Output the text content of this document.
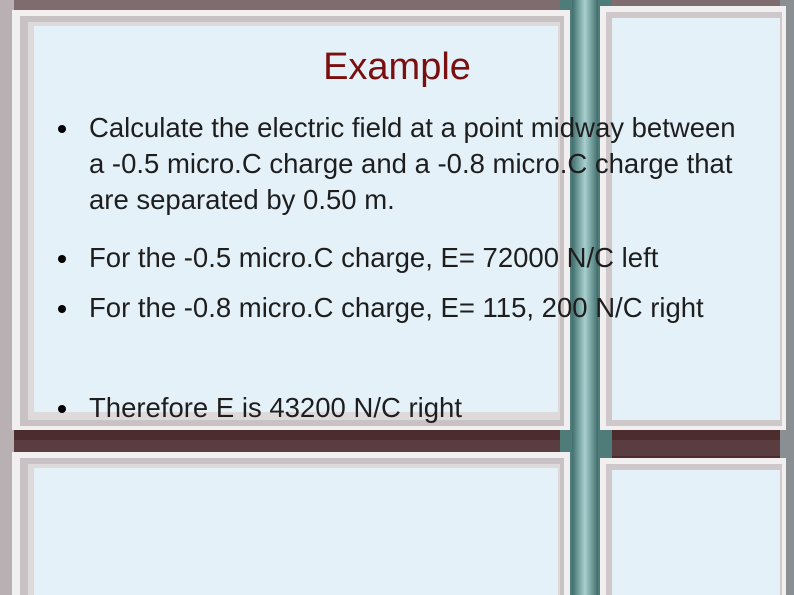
Example
Calculate the electric field at a point midway between a -0.5 micro.C charge and a -0.8 micro.C charge that are separated by 0.50 m.
For the -0.5 micro.C charge, E= 72000 N/C left
For the -0.8 micro.C charge, E= 115, 200 N/C right
Therefore E is 43200 N/C right
